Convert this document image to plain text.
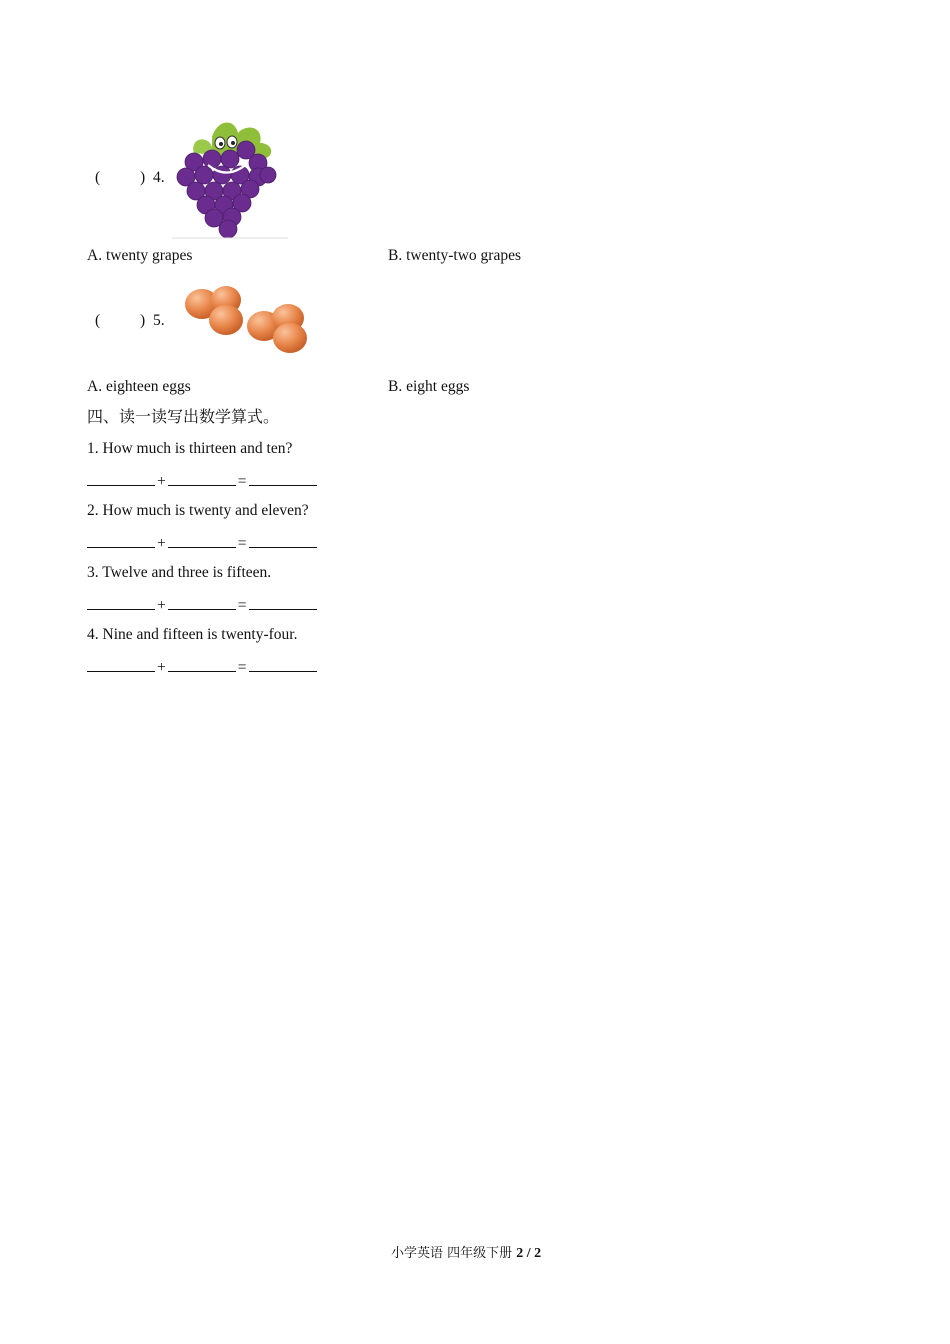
(	) 4.
A. twenty grapes	B. twenty-two grapes
(	) 5.
A. eighteen eggs	B. eight eggs
四、读一读写出数学算式。
1. How much is thirteen and ten?
+	=
2. How much is twenty and eleven?
+	=
3. Twelve and three is fifteen.
+	=
4. Nine and fifteen is twenty-four.
+	=
小学英语 四年级下册 2 / 2
